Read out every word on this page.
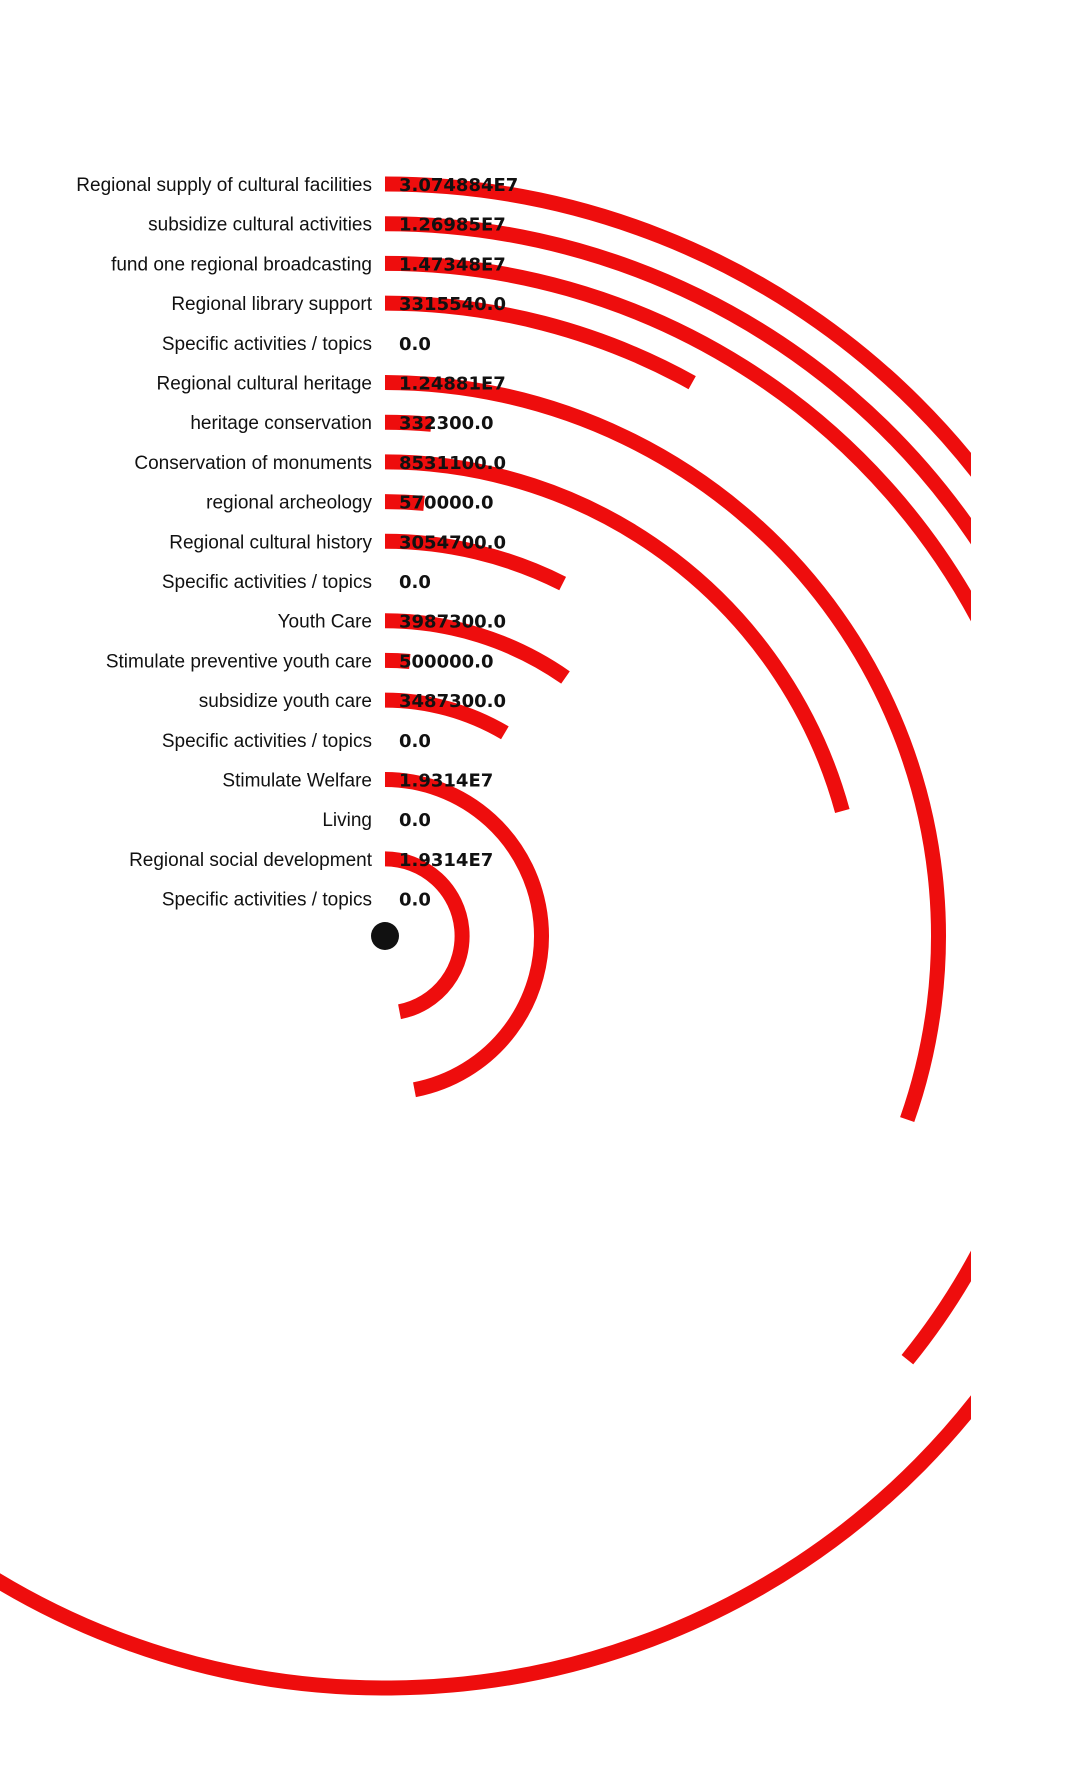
Regional supply of cultural facilities 3.074884E7
subsidize cultural activities 1.26985E7
fund one regional broadcasting 1.47348E7
Regional library support 3315540.0
Specific activities / topics 0.0
Regional cultural heritage 1.24881E7
heritage conservation 332300.0
Conservation of monuments 8531100.0
regional archeology 570000.0
Regional cultural history 3054700.0
Specific activities / topics 0.0
Youth Care 3987300.0
Stimulate preventive youth care 500000.0
subsidize youth care 3487300.0
Specific activities / topics 0.0
Stimulate Welfare 1.9314E7
Living 0.0
Regional social development 1.9314E7
Specific activities / topics 0.0
